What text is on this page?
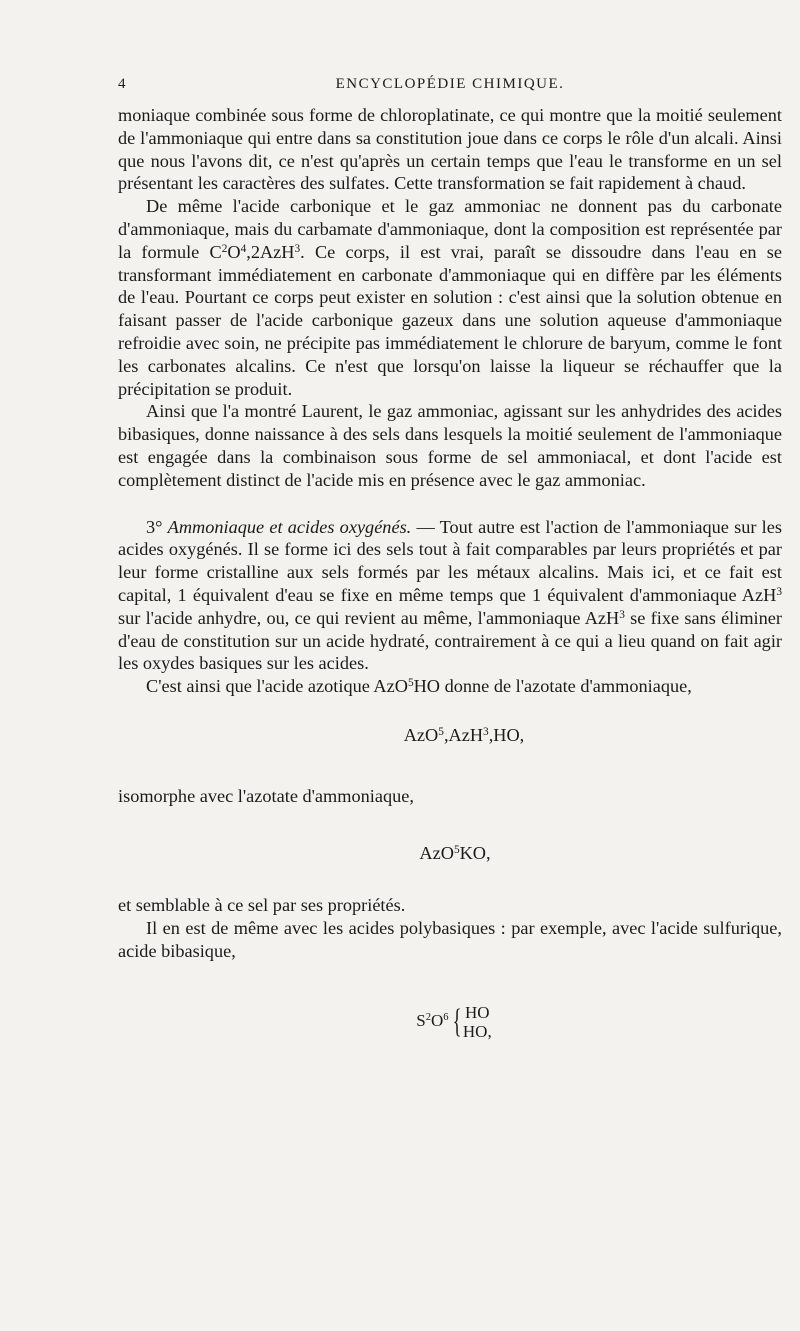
4	ENCYCLOPÉDIE CHIMIQUE.

moniaque combinée sous forme de chloroplatinate, ce qui montre que la moitié seulement de l'ammoniaque qui entre dans sa constitution joue dans ce corps le rôle d'un alcali. Ainsi que nous l'avons dit, ce n'est qu'après un certain temps que l'eau le transforme en un sel présentant les caractères des sulfates. Cette transformation se fait rapidement à chaud.

De même l'acide carbonique et le gaz ammoniac ne donnent pas du carbonate d'ammoniaque, mais du carbamate d'ammoniaque, dont la composition est représentée par la formule $C^2O^4,2AzH^3$. Ce corps, il est vrai, paraît se dissoudre dans l'eau en se transformant immédiatement en carbonate d'ammoniaque qui en diffère par les éléments de l'eau. Pourtant ce corps peut exister en solution : c'est ainsi que la solution obtenue en faisant passer de l'acide carbonique gazeux dans une solution aqueuse d'ammoniaque refroidie avec soin, ne précipite pas immédiatement le chlorure de baryum, comme le font les carbonates alcalins. Ce n'est que lorsqu'on laisse la liqueur se réchauffer que la précipitation se produit.

Ainsi que l'a montré Laurent, le gaz ammoniac, agissant sur les anhydrides des acides bibasiques, donne naissance à des sels dans lesquels la moitié seulement de l'ammoniaque est engagée dans la combinaison sous forme de sel ammoniacal, et dont l'acide est complètement distinct de l'acide mis en présence avec le gaz ammoniac.

3° Ammoniaque et acides oxygénés. — Tout autre est l'action de l'ammoniaque sur les acides oxygénés. Il se forme ici des sels tout à fait comparables par leurs propriétés et par leur forme cristalline aux sels formés par les métaux alcalins. Mais ici, et ce fait est capital, 1 équivalent d'eau se fixe en même temps que 1 équivalent d'ammoniaque AzH$^3$ sur l'acide anhydre, ou, ce qui revient au même, l'ammoniaque AzH$^3$ se fixe sans éliminer d'eau de constitution sur un acide hydraté, contrairement à ce qui a lieu quand on fait agir les oxydes basiques sur les acides.

C'est ainsi que l'acide azotique AzO$^5$HO donne de l'azotate d'ammoniaque,

AzO$^5$,AzH$^3$,HO,

isomorphe avec l'azotate d'ammoniaque,

AzO$^5$KO,

et semblable à ce sel par ses propriétés.

Il en est de même avec les acides polybasiques : par exemple, avec l'acide sulfurique, acide bibasique,

$S^2O^6$ { HO
HO,
